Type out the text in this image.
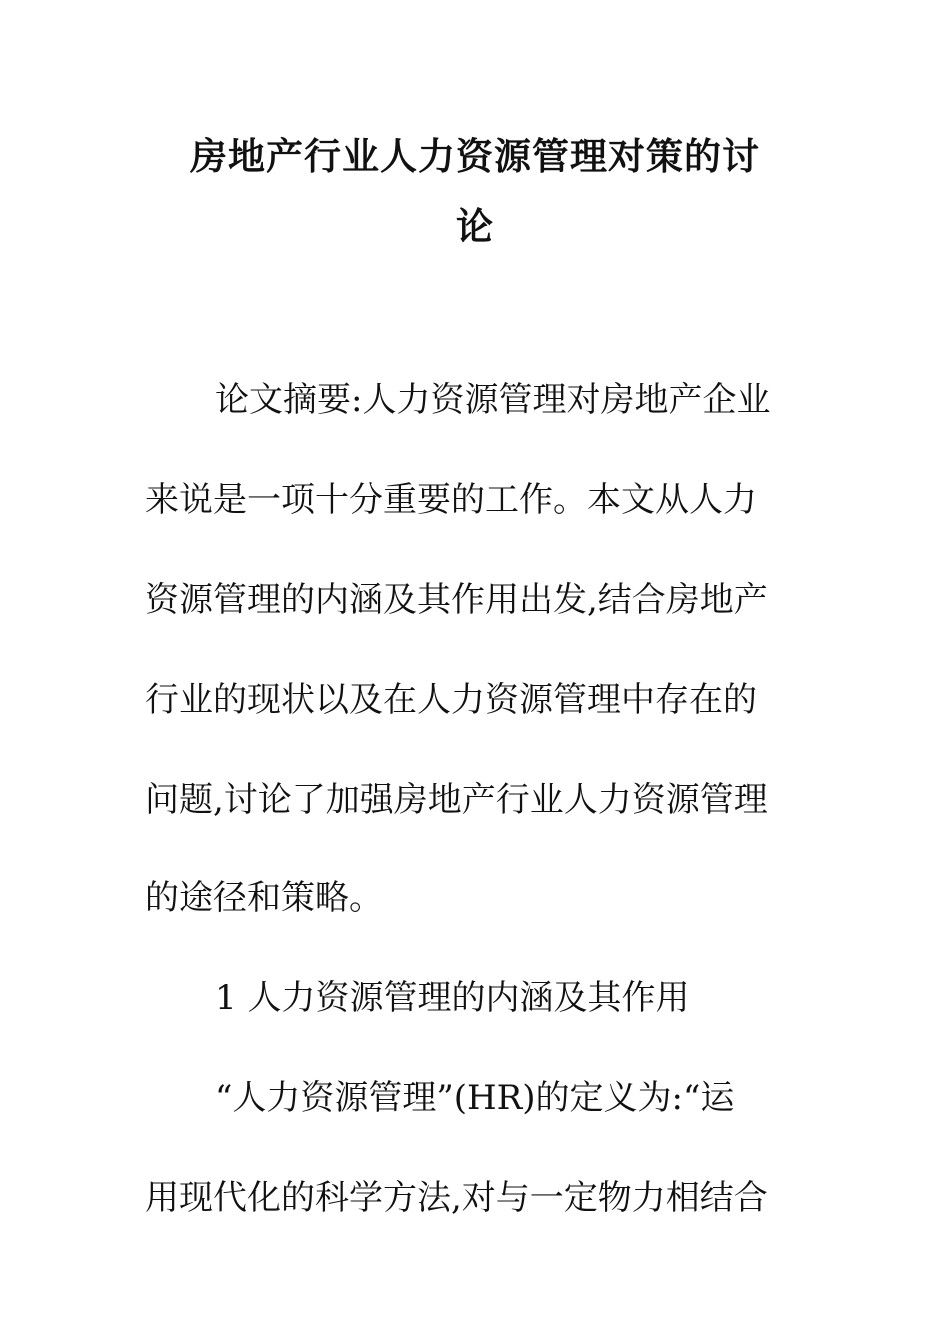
房地产行业人力资源管理对策的讨
论
论文摘要:人力资源管理对房地产企业
来说是一项十分重要的工作。本文从人力
资源管理的内涵及其作用出发,结合房地产
行业的现状以及在人力资源管理中存在的
问题,讨论了加强房地产行业人力资源管理
的途径和策略。
1 人力资源管理的内涵及其作用
“人力资源管理”(HR)的定义为:“运
用现代化的科学方法,对与一定物力相结合
